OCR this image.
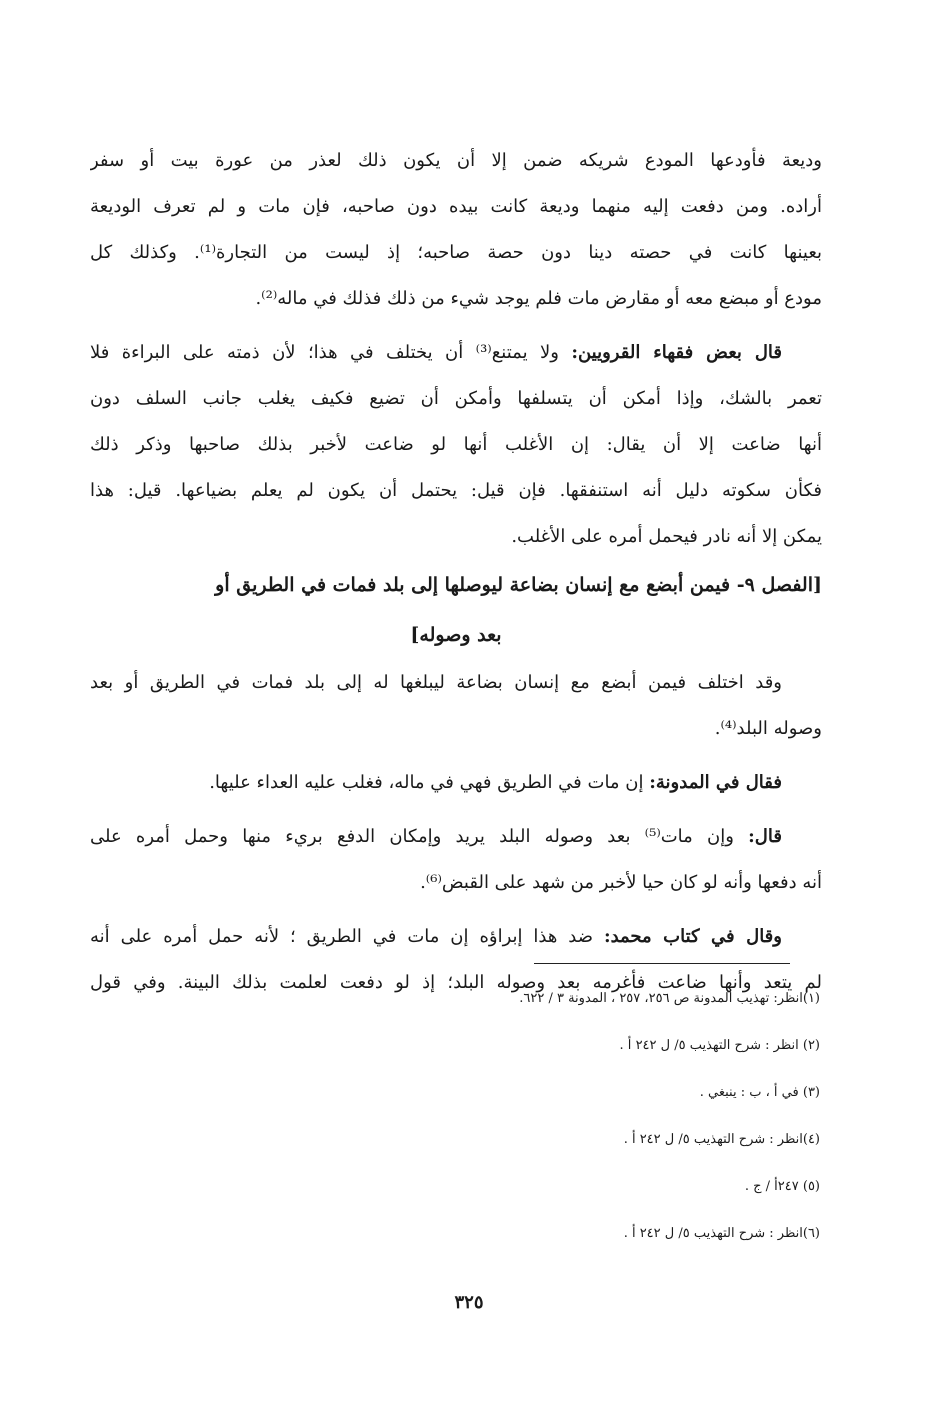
وديعة فأودعها المودع شريكه ضمن إلا أن يكون ذلك لعذر من عورة بيت أو سفر
أراده. ومن دفعت إليه منهما وديعة كانت بيده دون صاحبه، فإن مات و لم تعرف الوديعة
بعينها كانت في حصته دينا دون حصة صاحبه؛ إذ ليست من التجارة⁽¹⁾. وكذلك كل
مودع أو مبضع معه أو مقارض مات فلم يوجد شيء من ذلك فذلك في ماله⁽²⁾.
قال بعض فقهاء القرويين: ولا يمتنع⁽³⁾ أن يختلف في هذا؛ لأن ذمته على البراءة فلا
تعمر بالشك، وإذا أمكن أن يتسلفها وأمكن أن تضيع فكيف يغلب جانب السلف دون
أنها ضاعت إلا أن يقال: إن الأغلب أنها لو ضاعت لأخبر بذلك صاحبها وذكر ذلك
فكأن سكوته دليل أنه استنفقها. فإن قيل: يحتمل أن يكون لم يعلم بضياعها. قيل: هذا
يمكن إلا أنه نادر فيحمل أمره على الأغلب.
[الفصل ٩- فيمن أبضع مع إنسان بضاعة ليوصلها إلى بلد فمات في الطريق أو
بعد وصوله]
وقد اختلف فيمن أبضع مع إنسان بضاعة ليبلغها له إلى بلد فمات في الطريق أو بعد
وصوله البلد⁽⁴⁾.
فقال في المدونة: إن مات في الطريق فهي في ماله، فغلب عليه العداء عليها.
قال: وإن مات⁽⁵⁾ بعد وصوله البلد يريد وإمكان الدفع بريء منها وحمل أمره على
أنه دفعها وأنه لو كان حيا لأخبر من شهد على القبض⁽⁶⁾.
وقال في كتاب محمد: ضد هذا إبراؤه إن مات في الطريق ؛ لأنه حمل أمره على أنه
لم يتعد وأنها ضاعت فأغرمه بعد وصوله البلد؛ إذ لو دفعت لعلمت بذلك البينة. وفي قول
(١)انظر: تهذيب المدونة ص ٢٥٦، ٢٥٧ ، المدونة ٣ / ٦٢٢.
(٢) انظر : شرح التهذيب ٥/ ل ٢٤٢ أ .
(٣) في أ ، ب : ينبغي .
(٤)انظر : شرح التهذيب ٥/ ل ٢٤٢ أ .
(٥) ٢٤٧أ / ج .
(٦)انظر : شرح التهذيب ٥/ ل ٢٤٢ أ .
٣٢٥
